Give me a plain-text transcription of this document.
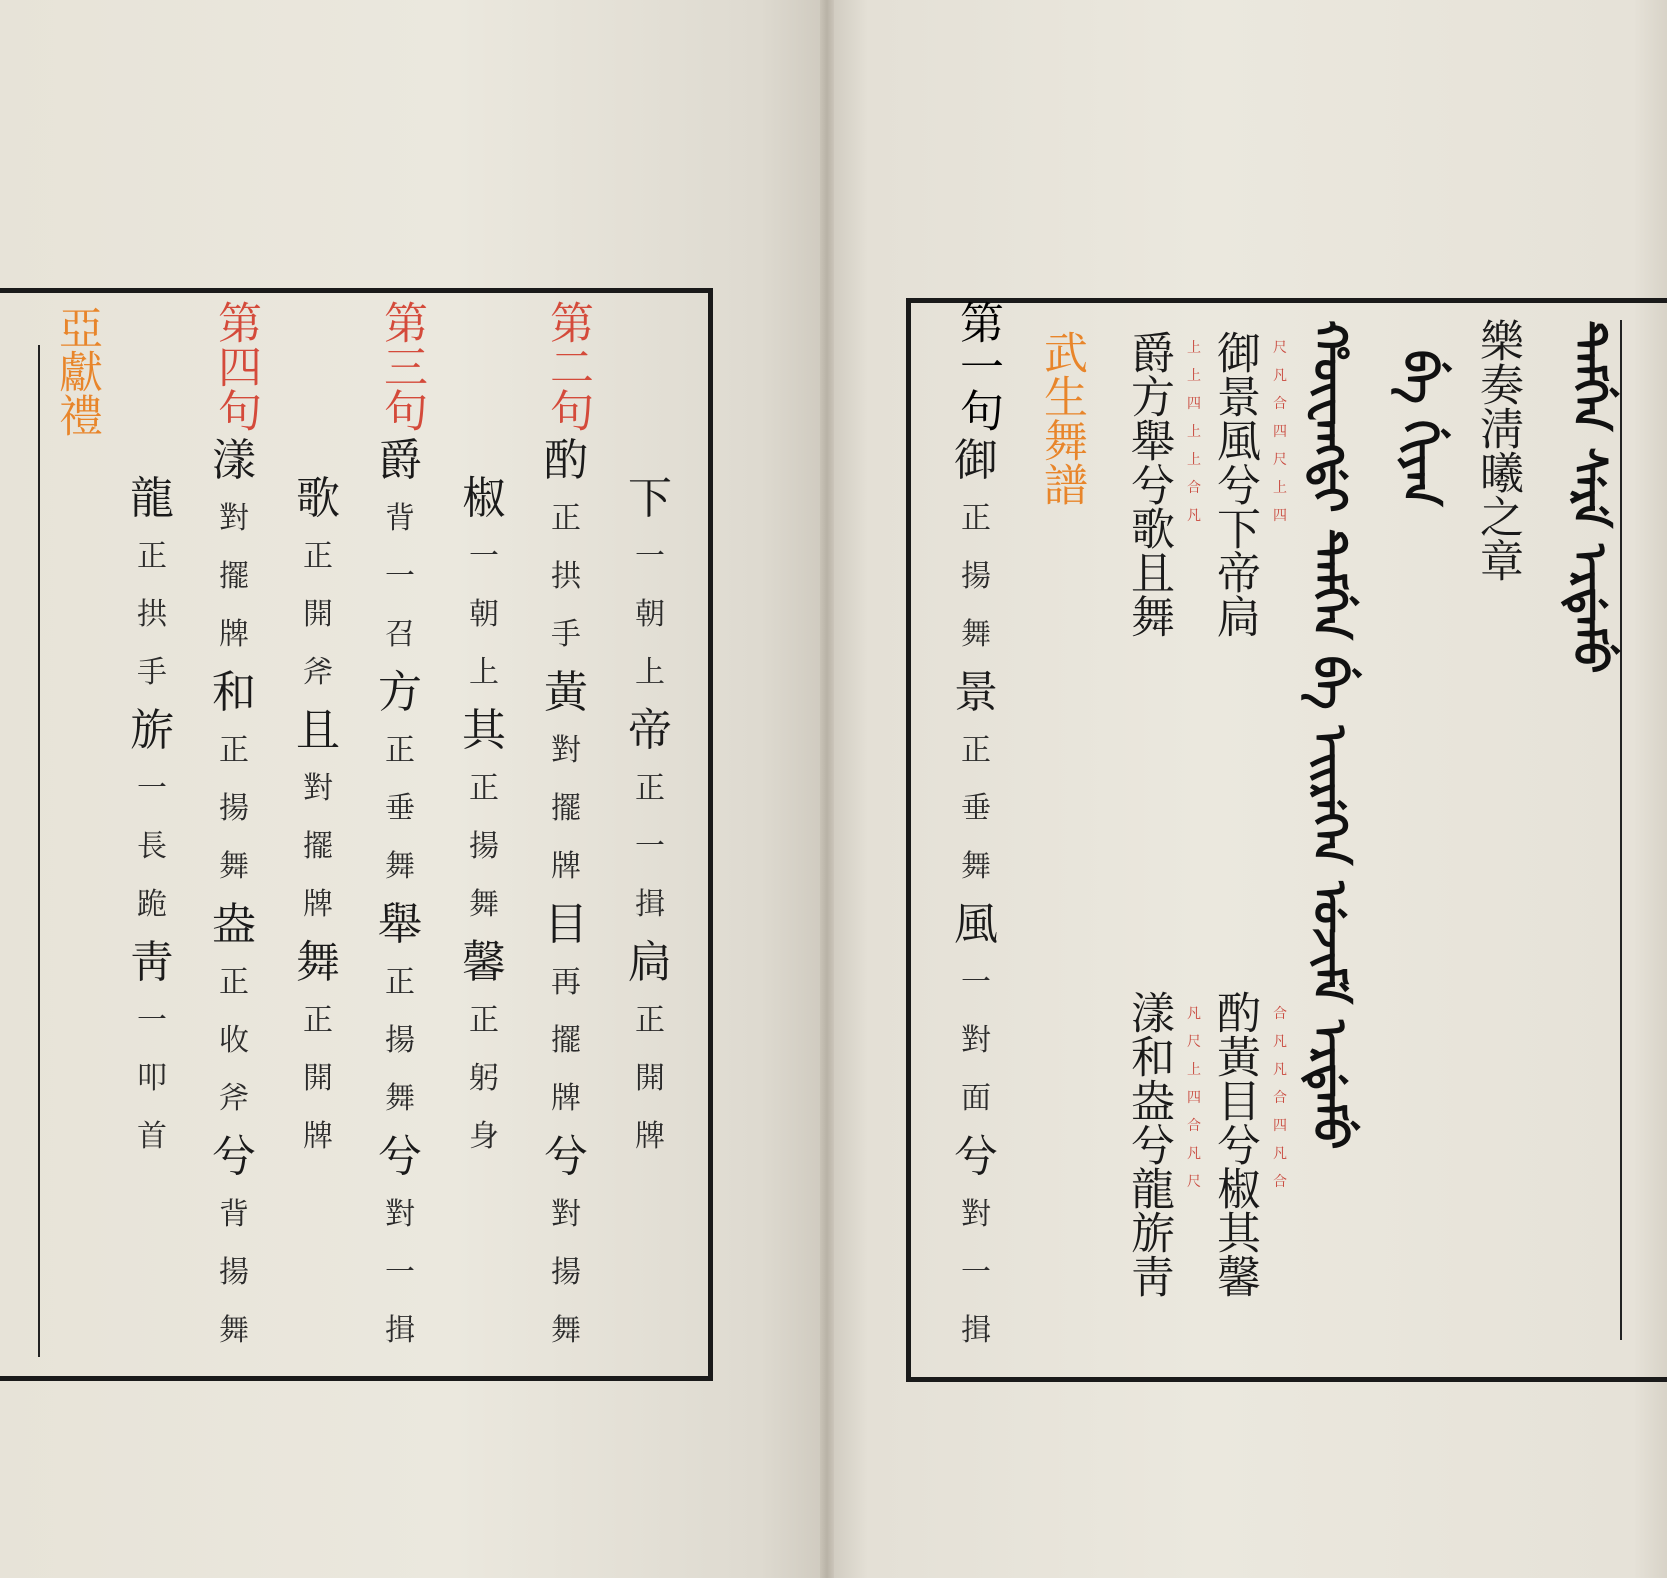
亞獻禮
下
一
朝
上
帝
正
一
揖
扃
正
開
牌
第二句
酌
正
拱
手
黃
對
擺
牌
目
再
擺
牌
兮
對
揚
舞
椒
一
朝
上
其
正
揚
舞
馨
正
躬
身
第三句
爵
背
一
召
方
正
垂
舞
舉
正
揚
舞
兮
對
一
揖
歌
正
開
斧
且
對
擺
牌
舞
正
開
牌
第四句
漾
對
擺
牌
和
正
揚
舞
盎
正
收
斧
兮
背
揚
舞
龍
正
拱
手
旂
一
長
跪
靑
一
叩
首
ᡨᡝᠮᡤᡝᠨ ᠰᡝᡵᡝ ᡝᡵᡩᡝᠮᡠ
ᠪᡝ ᡤᡳᠶᠠᠨ
ᡥᡡᠸᠠᠩᡩᡳ ᡨᡝᠮᡤᡝᠨ ᠪᡝ ᡝᡳᡵᡝᡴᡝᠨ ᡠᠵᡳᠮᡝ ᡝᡵᡩᡝᠮᡠ	樂奏淸曦之章
御景風兮下帝扃
爵方舉兮歌且舞
酌黃目兮椒其馨
漾和盎兮龍旂靑
尺
凡
合
四
尺
上
四
上
上
四
上
上
合
凡
合
凡
凡
合
四
凡
合
凡
尺
上
四
合
凡
尺
武生舞譜
第一句
御
正
揚
舞
景
正
垂
舞
風
一
對
面
兮
對
一
揖
